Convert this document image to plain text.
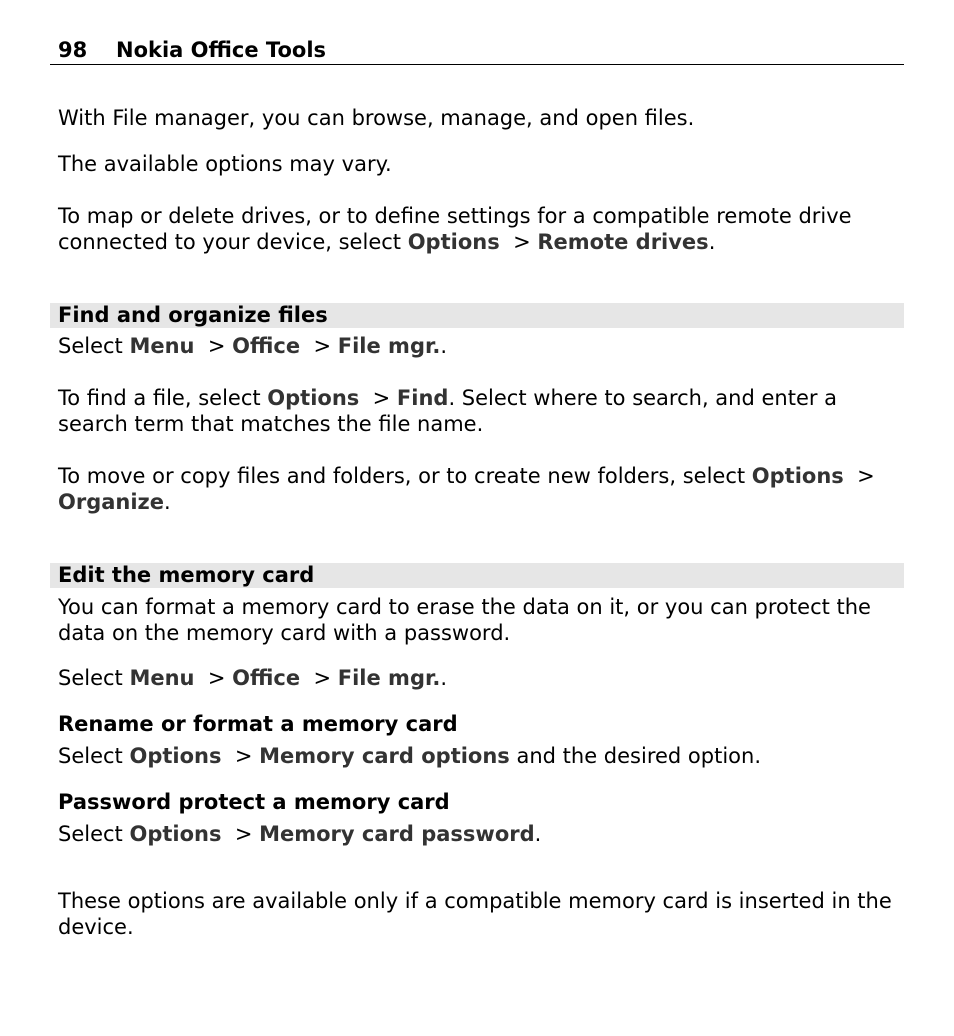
98 Nokia Office Tools

With File manager, you can browse, manage, and open files.

The available options may vary.

To map or delete drives, or to define settings for a compatible remote drive connected to your device, select Options > Remote drives.

Find and organize files

Select Menu > Office > File mgr..

To find a file, select Options > Find. Select where to search, and enter a search term that matches the file name.

To move or copy files and folders, or to create new folders, select Options > Organize.

Edit the memory card

You can format a memory card to erase the data on it, or you can protect the data on the memory card with a password.

Select Menu > Office > File mgr..

Rename or format a memory card

Select Options > Memory card options and the desired option.

Password protect a memory card

Select Options > Memory card password.

These options are available only if a compatible memory card is inserted in the device.
